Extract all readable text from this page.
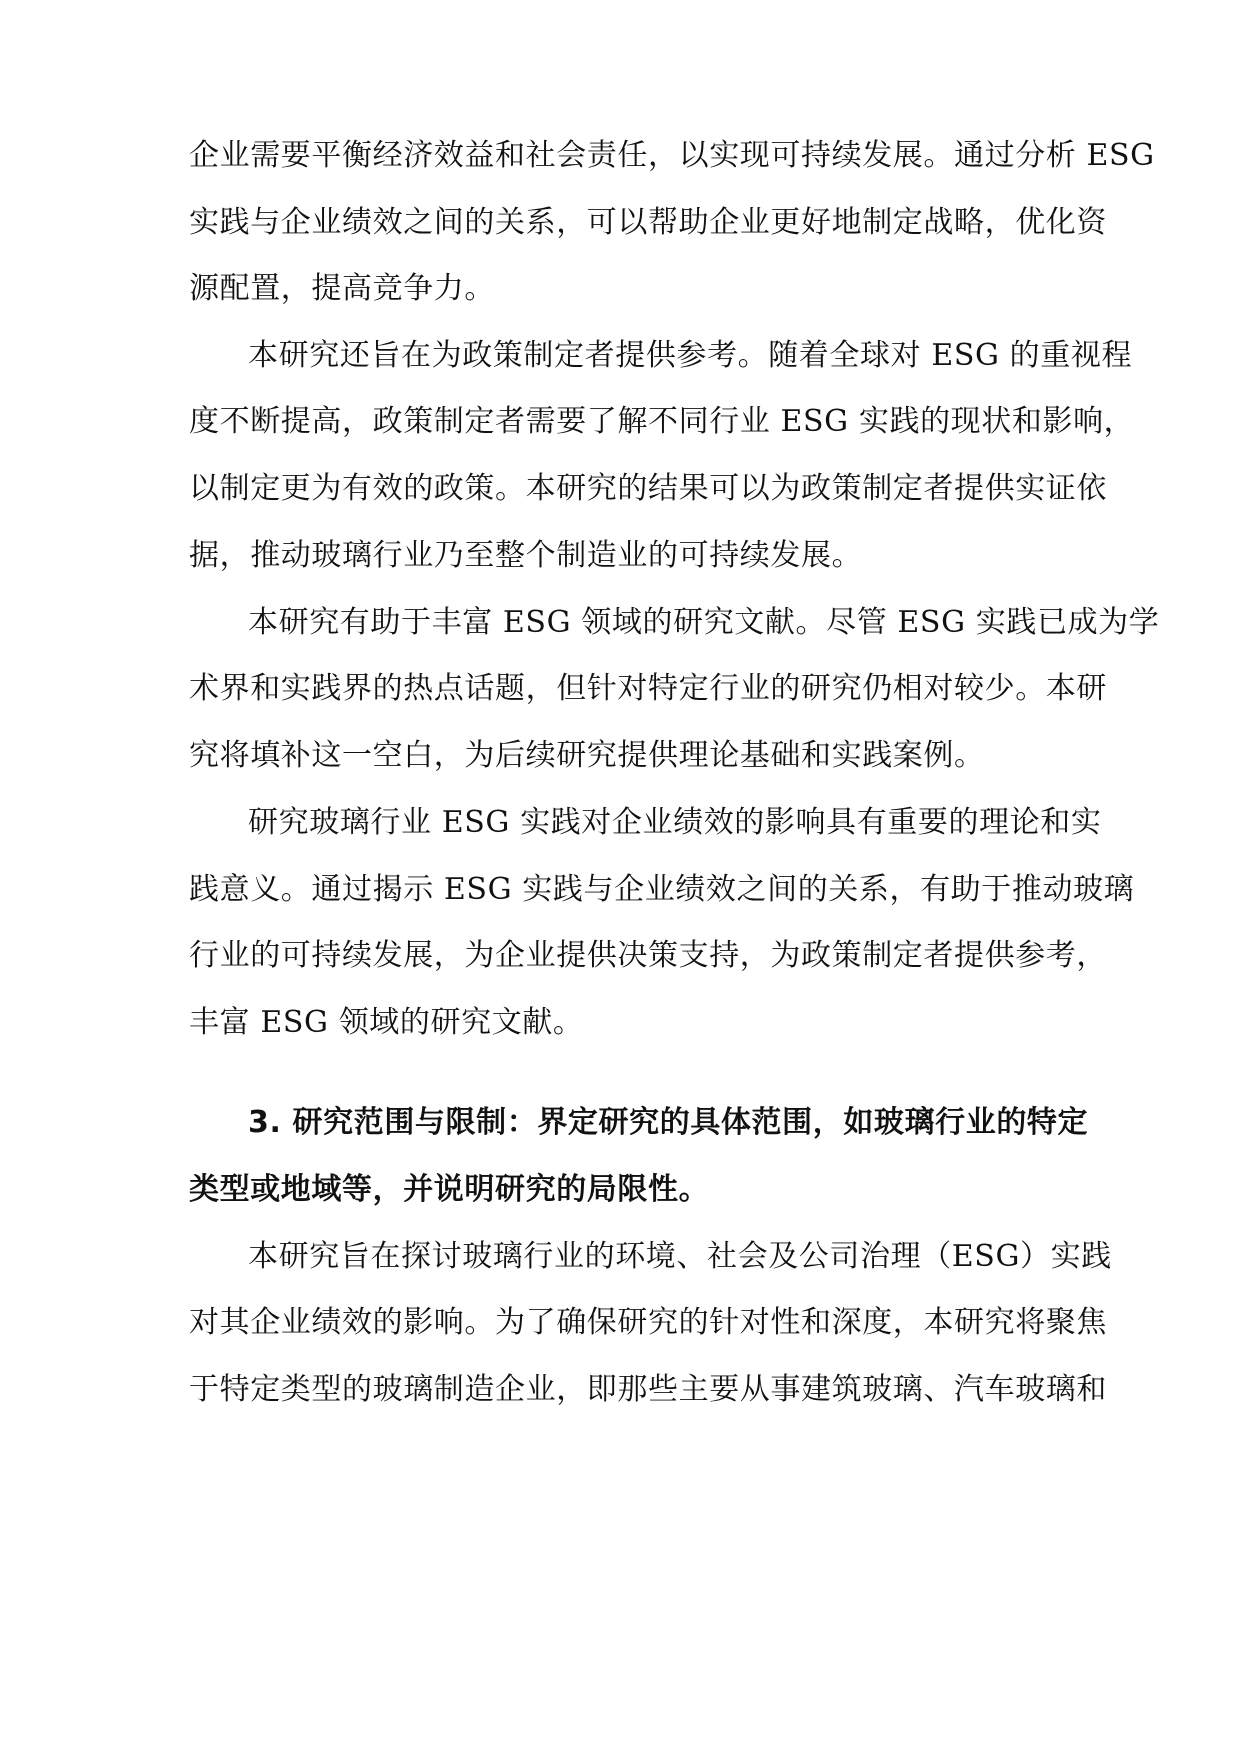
企业需要平衡经济效益和社会责任，以实现可持续发展。通过分析 ESG
实践与企业绩效之间的关系，可以帮助企业更好地制定战略，优化资
源配置，提高竞争力。
本研究还旨在为政策制定者提供参考。随着全球对 ESG 的重视程
度不断提高，政策制定者需要了解不同行业 ESG 实践的现状和影响，
以制定更为有效的政策。本研究的结果可以为政策制定者提供实证依
据，推动玻璃行业乃至整个制造业的可持续发展。
本研究有助于丰富 ESG 领域的研究文献。尽管 ESG 实践已成为学
术界和实践界的热点话题，但针对特定行业的研究仍相对较少。本研
究将填补这一空白，为后续研究提供理论基础和实践案例。
研究玻璃行业 ESG 实践对企业绩效的影响具有重要的理论和实
践意义。通过揭示 ESG 实践与企业绩效之间的关系，有助于推动玻璃
行业的可持续发展，为企业提供决策支持，为政策制定者提供参考，
丰富 ESG 领域的研究文献。
3. 研究范围与限制：界定研究的具体范围，如玻璃行业的特定
类型或地域等，并说明研究的局限性。
本研究旨在探讨玻璃行业的环境、社会及公司治理（ESG）实践
对其企业绩效的影响。为了确保研究的针对性和深度，本研究将聚焦
于特定类型的玻璃制造企业，即那些主要从事建筑玻璃、汽车玻璃和
